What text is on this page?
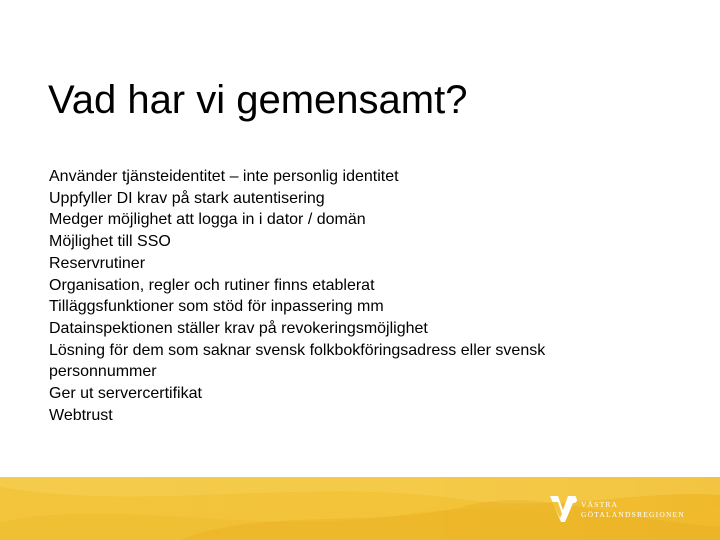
Vad har vi gemensamt?
Använder tjänsteidentitet – inte personlig identitet
Uppfyller DI krav på stark autentisering
Medger möjlighet att logga in i dator / domän
Möjlighet till SSO
Reservrutiner
Organisation, regler och rutiner finns etablerat
Tilläggsfunktioner som stöd för inpassering mm
Datainspektionen ställer krav på revokeringsmöjlighet
Lösning för dem som saknar svensk folkbokföringsadress eller svensk personnummer
Ger ut servercertifikat
Webtrust
VÄSTRA
GÖTALANDSREGIONEN
